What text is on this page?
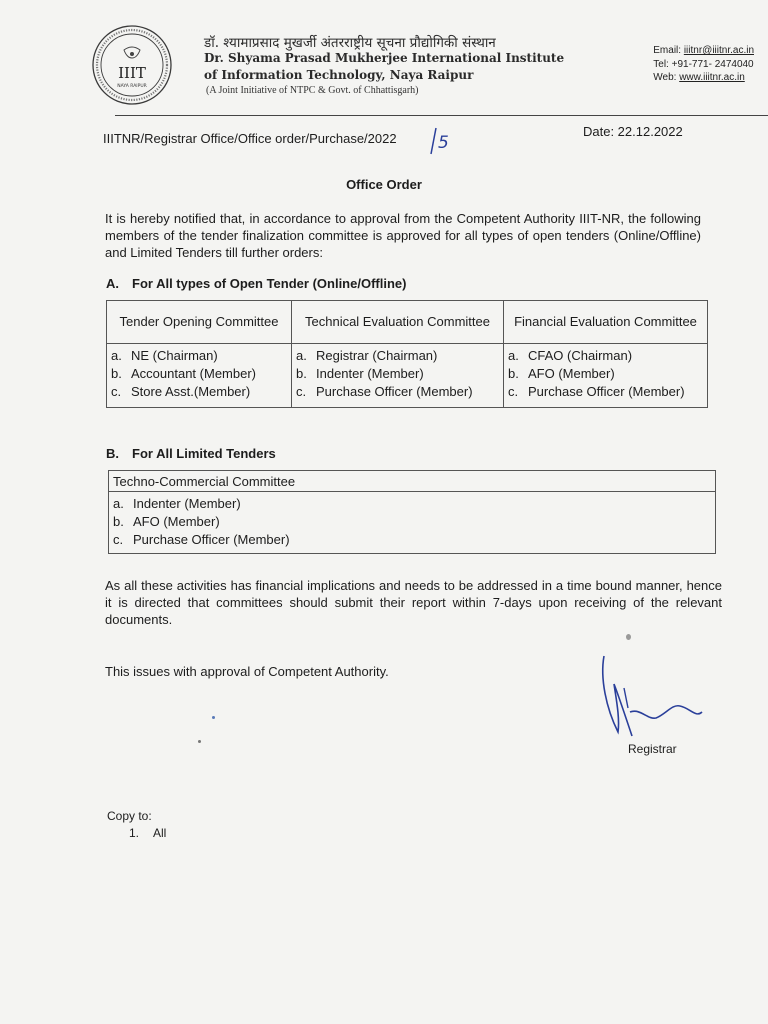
IIIT
NAYA RAIPUR
डॉ. श्यामाप्रसाद मुखर्जी अंतरराष्ट्रीय सूचना प्रौद्योगिकी संस्थान
Dr. Shyama Prasad Mukherjee International Institute
of Information Technology, Naya Raipur
(A Joint Initiative of NTPC & Govt. of Chhattisgarh)
Email: iiitnr@iiitnr.ac.in
Tel: +91-771- 2474040
Web: www.iiitnr.ac.in
IIITNR/Registrar Office/Office order/Purchase/2022 5
Date: 22.12.2022
Office Order
It is hereby notified that, in accordance to approval from the Competent Authority IIIT-NR, the following members of the tender finalization committee is approved for all types of open tenders (Online/Offline) and Limited Tenders till further orders:
A. For All types of Open Tender (Online/Offline)
Tender Opening Committee	Technical Evaluation Committee	Financial Evaluation Committee

a. NE (Chairman)
b. Accountant (Member)
c. Store Asst.(Member)	a. Registrar (Chairman)
b. Indenter (Member)
c. Purchase Officer (Member)	a. CFAO (Chairman)
b. AFO (Member)
c. Purchase Officer (Member)
B. For All Limited Tenders
Techno-Commercial Committee

a. Indenter (Member)
b. AFO (Member)
c. Purchase Officer (Member)
As all these activities has financial implications and needs to be addressed in a time bound manner, hence it is directed that committees should submit their report within 7-days upon receiving of the relevant documents.
This issues with approval of Competent Authority.
Registrar
Copy to:
1. All
